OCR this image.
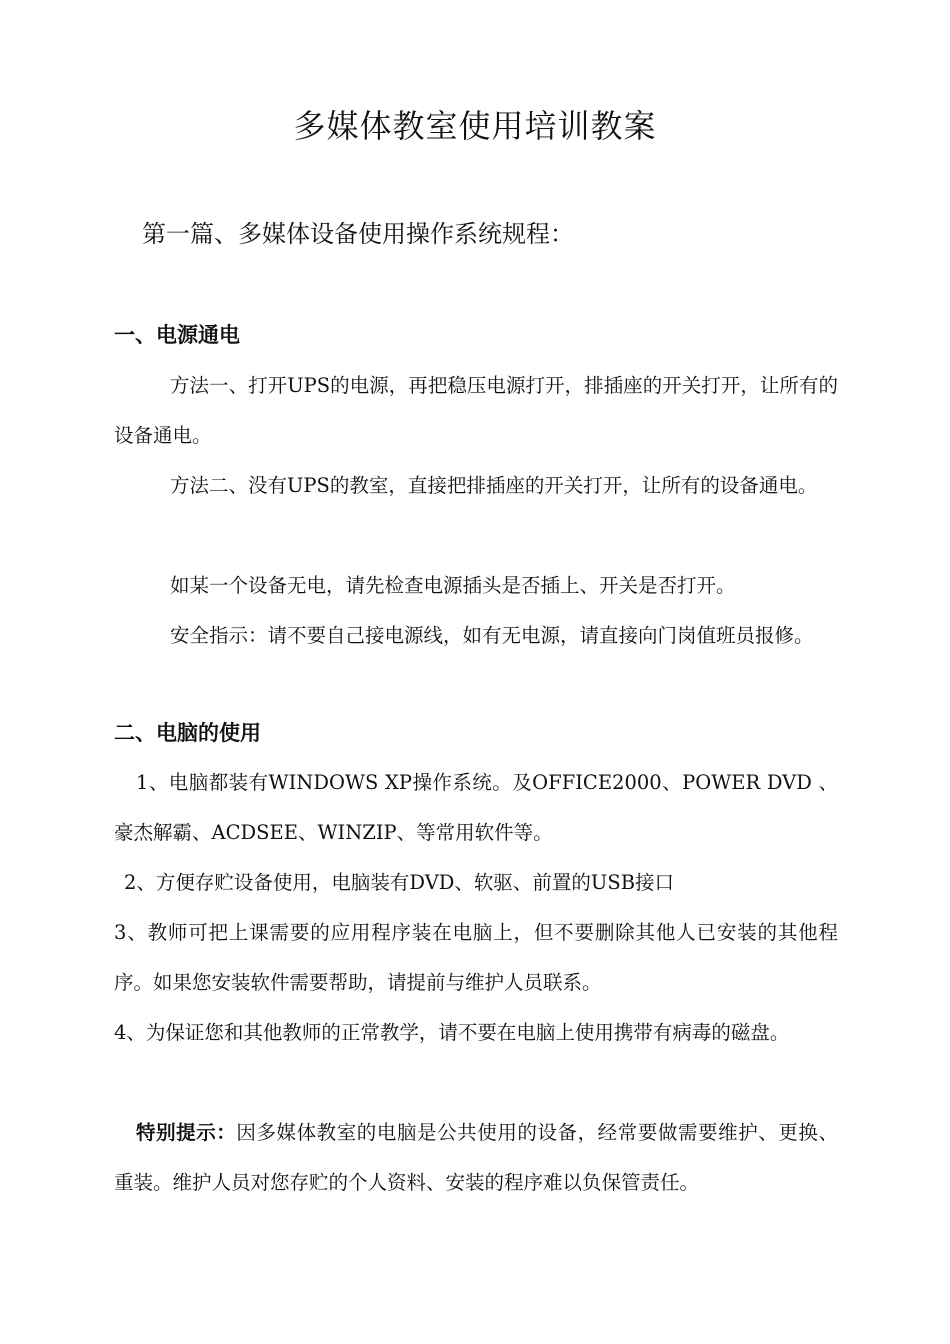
多媒体教室使用培训教案
第一篇、多媒体设备使用操作系统规程：
一、电源通电
方法一、打开UPS的电源，再把稳压电源打开，排插座的开关打开，让所有的设备通电。
方法二、没有UPS的教室，直接把排插座的开关打开，让所有的设备通电。
如某一个设备无电，请先检查电源插头是否插上、开关是否打开。
安全指示：请不要自己接电源线，如有无电源，请直接向门岗值班员报修。
二、电脑的使用
1、电脑都装有WINDOWS XP操作系统。及OFFICE2000、POWER DVD 、豪杰解霸、ACDSEE、WINZIP、等常用软件等。
2、方便存贮设备使用，电脑装有DVD、软驱、前置的USB接口
3、教师可把上课需要的应用程序装在电脑上，但不要删除其他人已安装的其他程序。如果您安装软件需要帮助，请提前与维护人员联系。
4、为保证您和其他教师的正常教学，请不要在电脑上使用携带有病毒的磁盘。
特别提示：因多媒体教室的电脑是公共使用的设备，经常要做需要维护、更换、重装。维护人员对您存贮的个人资料、安装的程序难以负保管责任。
